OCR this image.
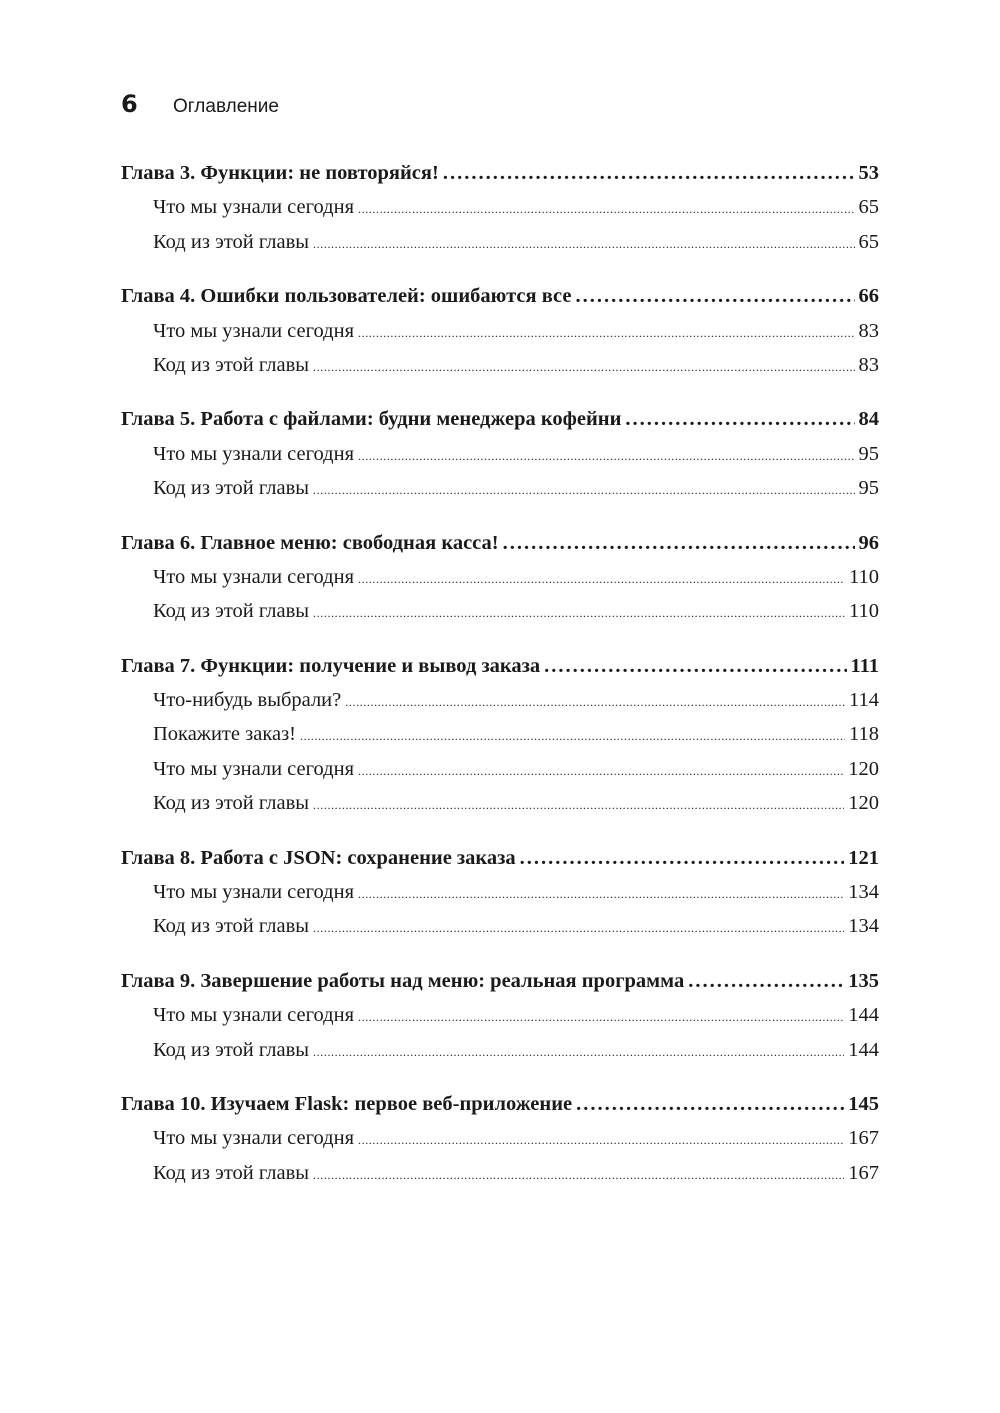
6	Оглавление
Глава 3. Функции: не повторяйся! .....	53
Что мы узнали сегодня .....	65
Код из этой главы .....	65
Глава 4. Ошибки пользователей: ошибаются все .....	66
Что мы узнали сегодня .....	83
Код из этой главы .....	83
Глава 5. Работа с файлами: будни менеджера кофейни .....	84
Что мы узнали сегодня .....	95
Код из этой главы .....	95
Глава 6. Главное меню: свободная касса! .....	96
Что мы узнали сегодня .....	110
Код из этой главы .....	110
Глава 7. Функции: получение и вывод заказа .....	111
Что-нибудь выбрали? .....	114
Покажите заказ! .....	118
Что мы узнали сегодня .....	120
Код из этой главы .....	120
Глава 8. Работа с JSON: сохранение заказа .....	121
Что мы узнали сегодня .....	134
Код из этой главы .....	134
Глава 9. Завершение работы над меню: реальная программа .....	135
Что мы узнали сегодня .....	144
Код из этой главы .....	144
Глава 10. Изучаем Flask: первое веб-приложение .....	145
Что мы узнали сегодня .....	167
Код из этой главы .....	167
